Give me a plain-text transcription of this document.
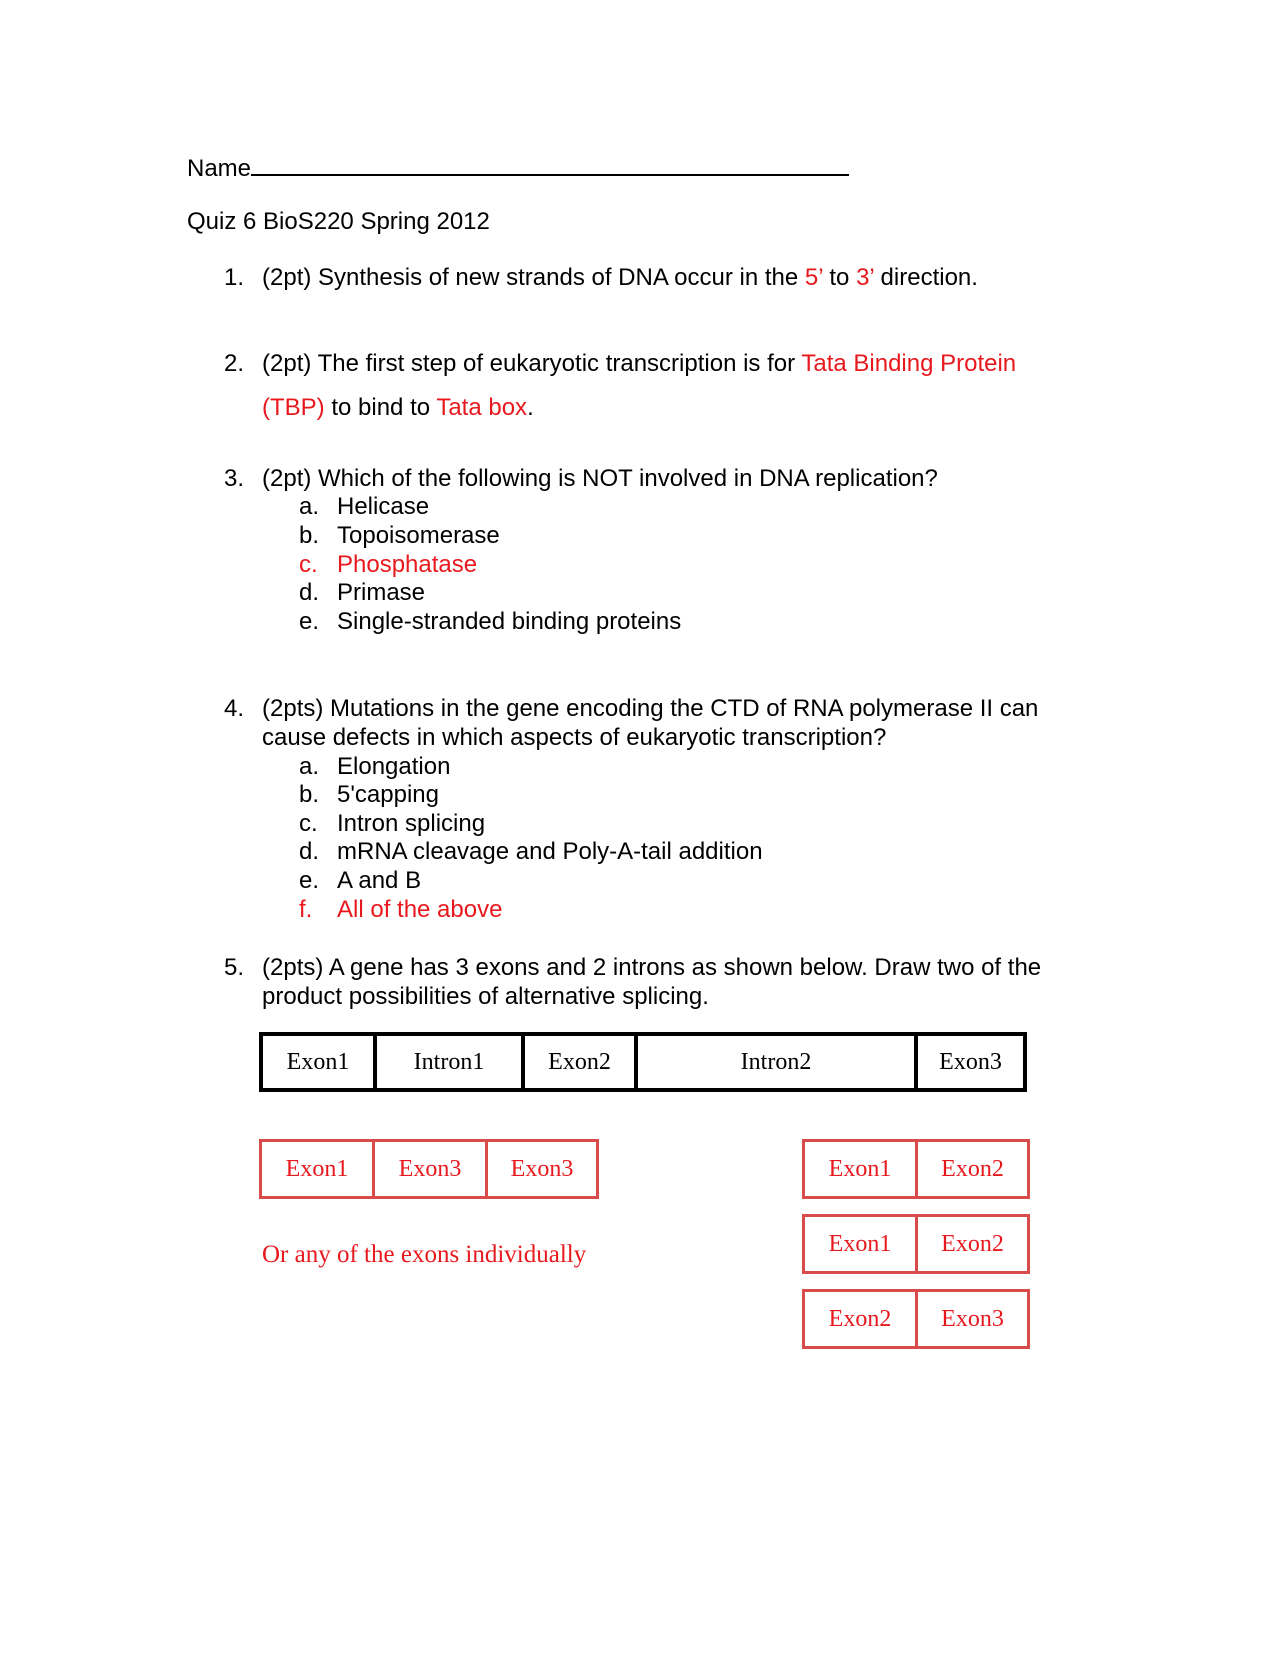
Name
Quiz 6 BioS220 Spring 2012
1. (2pt) Synthesis of new strands of DNA occur in the 5’ to 3’ direction.
2. (2pt) The first step of eukaryotic transcription is for Tata Binding Protein
(TBP) to bind to Tata box.
3. (2pt) Which of the following is NOT involved in DNA replication?
a. Helicase
b. Topoisomerase
c. Phosphatase
d. Primase
e. Single-stranded binding proteins
4. (2pts) Mutations in the gene encoding the CTD of RNA polymerase II can
cause defects in which aspects of eukaryotic transcription?
a. Elongation
b. 5'capping
c. Intron splicing
d. mRNA cleavage and Poly-A-tail addition
e. A and B
f. All of the above
5. (2pts) A gene has 3 exons and 2 introns as shown below. Draw two of the
product possibilities of alternative splicing.
Exon1	Intron1	Exon2	Intron2	Exon3
Exon1	Exon3	Exon3
Or any of the exons individually
Exon1	Exon2
Exon1	Exon2
Exon2	Exon3
